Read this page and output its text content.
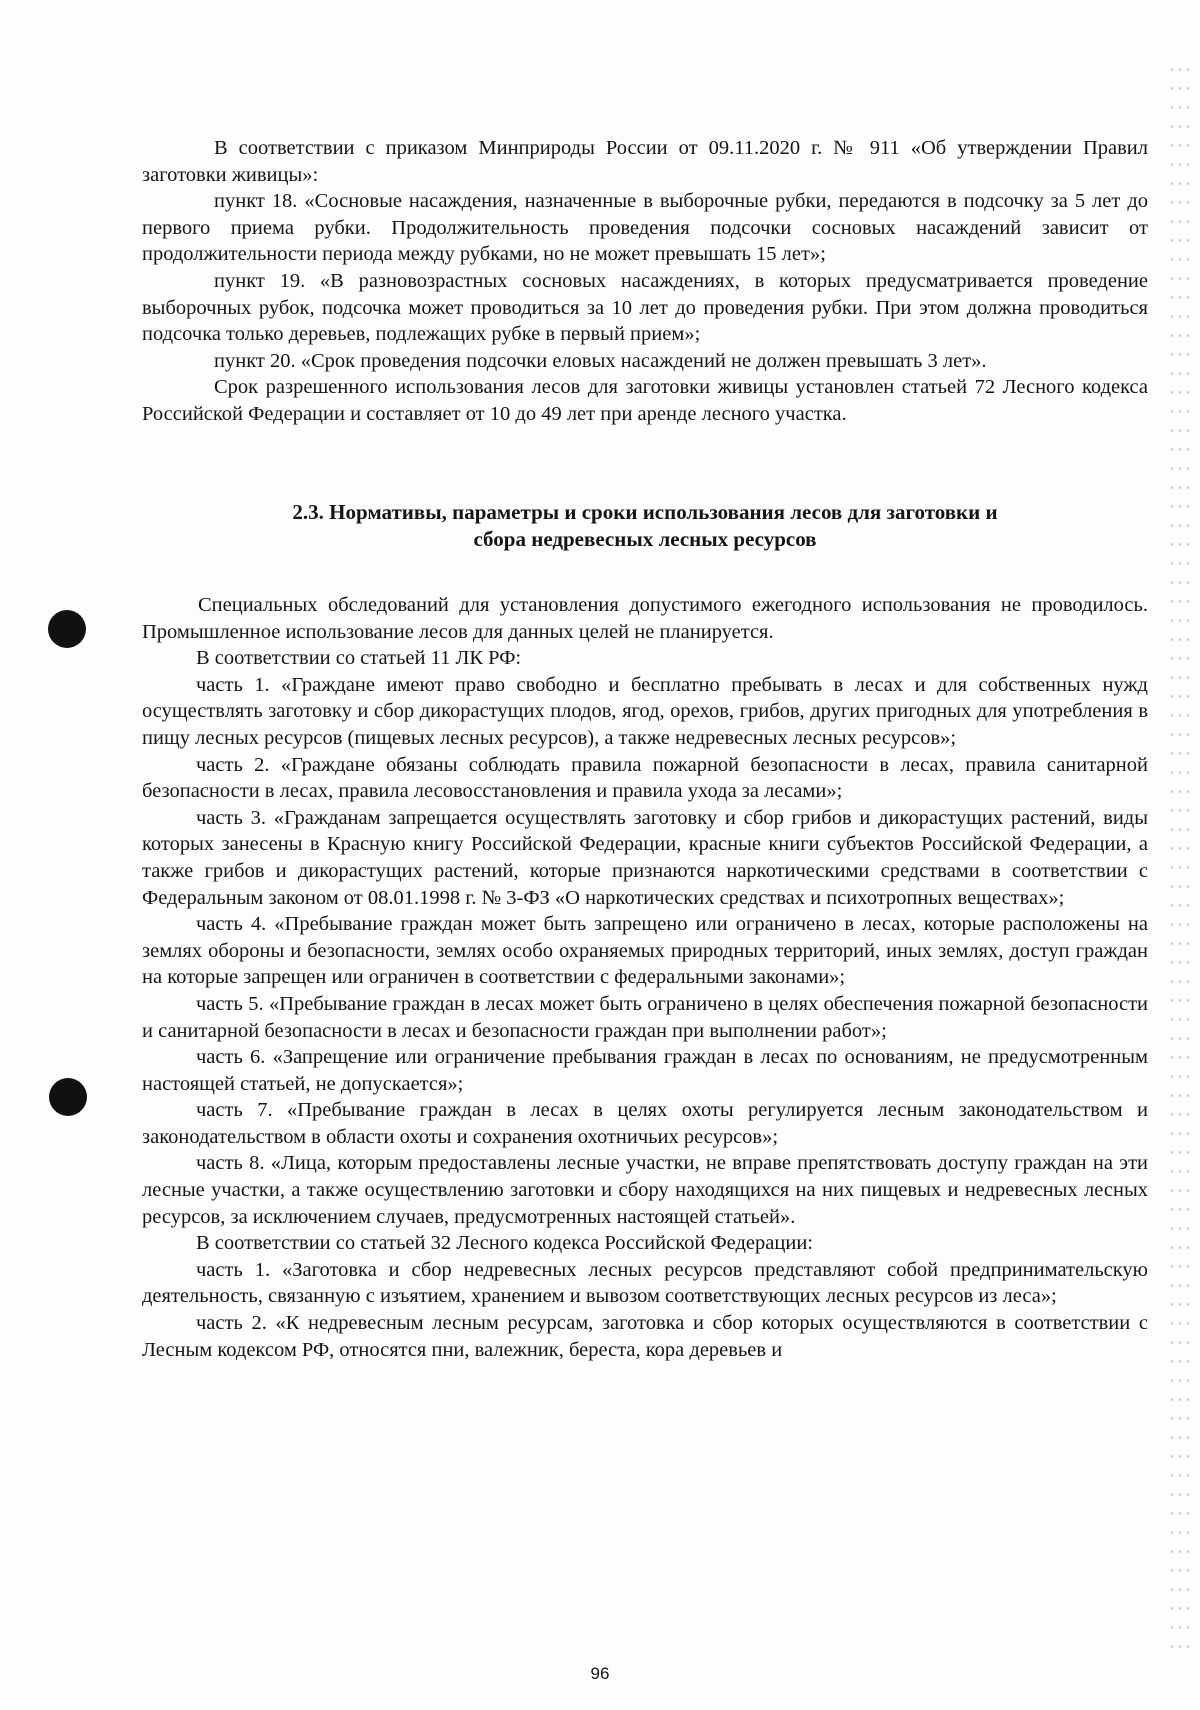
В соответствии с приказом Минприроды России от 09.11.2020 г. № 911 «Об утверждении Правил заготовки живицы»:

пункт 18. «Сосновые насаждения, назначенные в выборочные рубки, передаются в подсочку за 5 лет до первого приема рубки. Продолжительность проведения подсочки сосновых насаждений зависит от продолжительности периода между рубками, но не может превышать 15 лет»;

пункт 19. «В разновозрастных сосновых насаждениях, в которых предусматривается проведение выборочных рубок, подсочка может проводиться за 10 лет до проведения рубки. При этом должна проводиться подсочка только деревьев, подлежащих рубке в первый прием»;

пункт 20. «Срок проведения подсочки еловых насаждений не должен превышать 3 лет».

Срок разрешенного использования лесов для заготовки живицы установлен статьей 72 Лесного кодекса Российской Федерации и составляет от 10 до 49 лет при аренде лесного участка.

2.3. Нормативы, параметры и сроки использования лесов для заготовки и
сбора недревесных лесных ресурсов

Специальных обследований для установления допустимого ежегодного использования не проводилось. Промышленное использование лесов для данных целей не планируется.

В соответствии со статьей 11 ЛК РФ:

часть 1. «Граждане имеют право свободно и бесплатно пребывать в лесах и для собственных нужд осуществлять заготовку и сбор дикорастущих плодов, ягод, орехов, грибов, других пригодных для употребления в пищу лесных ресурсов (пищевых лесных ресурсов), а также недревесных лесных ресурсов»;

часть 2. «Граждане обязаны соблюдать правила пожарной безопасности в лесах, правила санитарной безопасности в лесах, правила лесовосстановления и правила ухода за лесами»;

часть 3. «Гражданам запрещается осуществлять заготовку и сбор грибов и дикорастущих растений, виды которых занесены в Красную книгу Российской Федерации, красные книги субъектов Российской Федерации, а также грибов и дикорастущих растений, которые признаются наркотическими средствами в соответствии с Федеральным законом от 08.01.1998 г. № 3-ФЗ «О наркотических средствах и психотропных веществах»;

часть 4. «Пребывание граждан может быть запрещено или ограничено в лесах, которые расположены на землях обороны и безопасности, землях особо охраняемых природных территорий, иных землях, доступ граждан на которые запрещен или ограничен в соответствии с федеральными законами»;

часть 5. «Пребывание граждан в лесах может быть ограничено в целях обеспечения пожарной безопасности и санитарной безопасности в лесах и безопасности граждан при выполнении работ»;

часть 6. «Запрещение или ограничение пребывания граждан в лесах по основаниям, не предусмотренным настоящей статьей, не допускается»;

часть 7. «Пребывание граждан в лесах в целях охоты регулируется лесным законодательством и законодательством в области охоты и сохранения охотничьих ресурсов»;

часть 8. «Лица, которым предоставлены лесные участки, не вправе препятствовать доступу граждан на эти лесные участки, а также осуществлению заготовки и сбору находящихся на них пищевых и недревесных лесных ресурсов, за исключением случаев, предусмотренных настоящей статьей».

В соответствии со статьей 32 Лесного кодекса Российской Федерации:

часть 1. «Заготовка и сбор недревесных лесных ресурсов представляют собой предпринимательскую деятельность, связанную с изъятием, хранением и вывозом соответствующих лесных ресурсов из леса»;

часть 2. «К недревесным лесным ресурсам, заготовка и сбор которых осуществляются в соответствии с Лесным кодексом РФ, относятся пни, валежник, береста, кора деревьев и

96
